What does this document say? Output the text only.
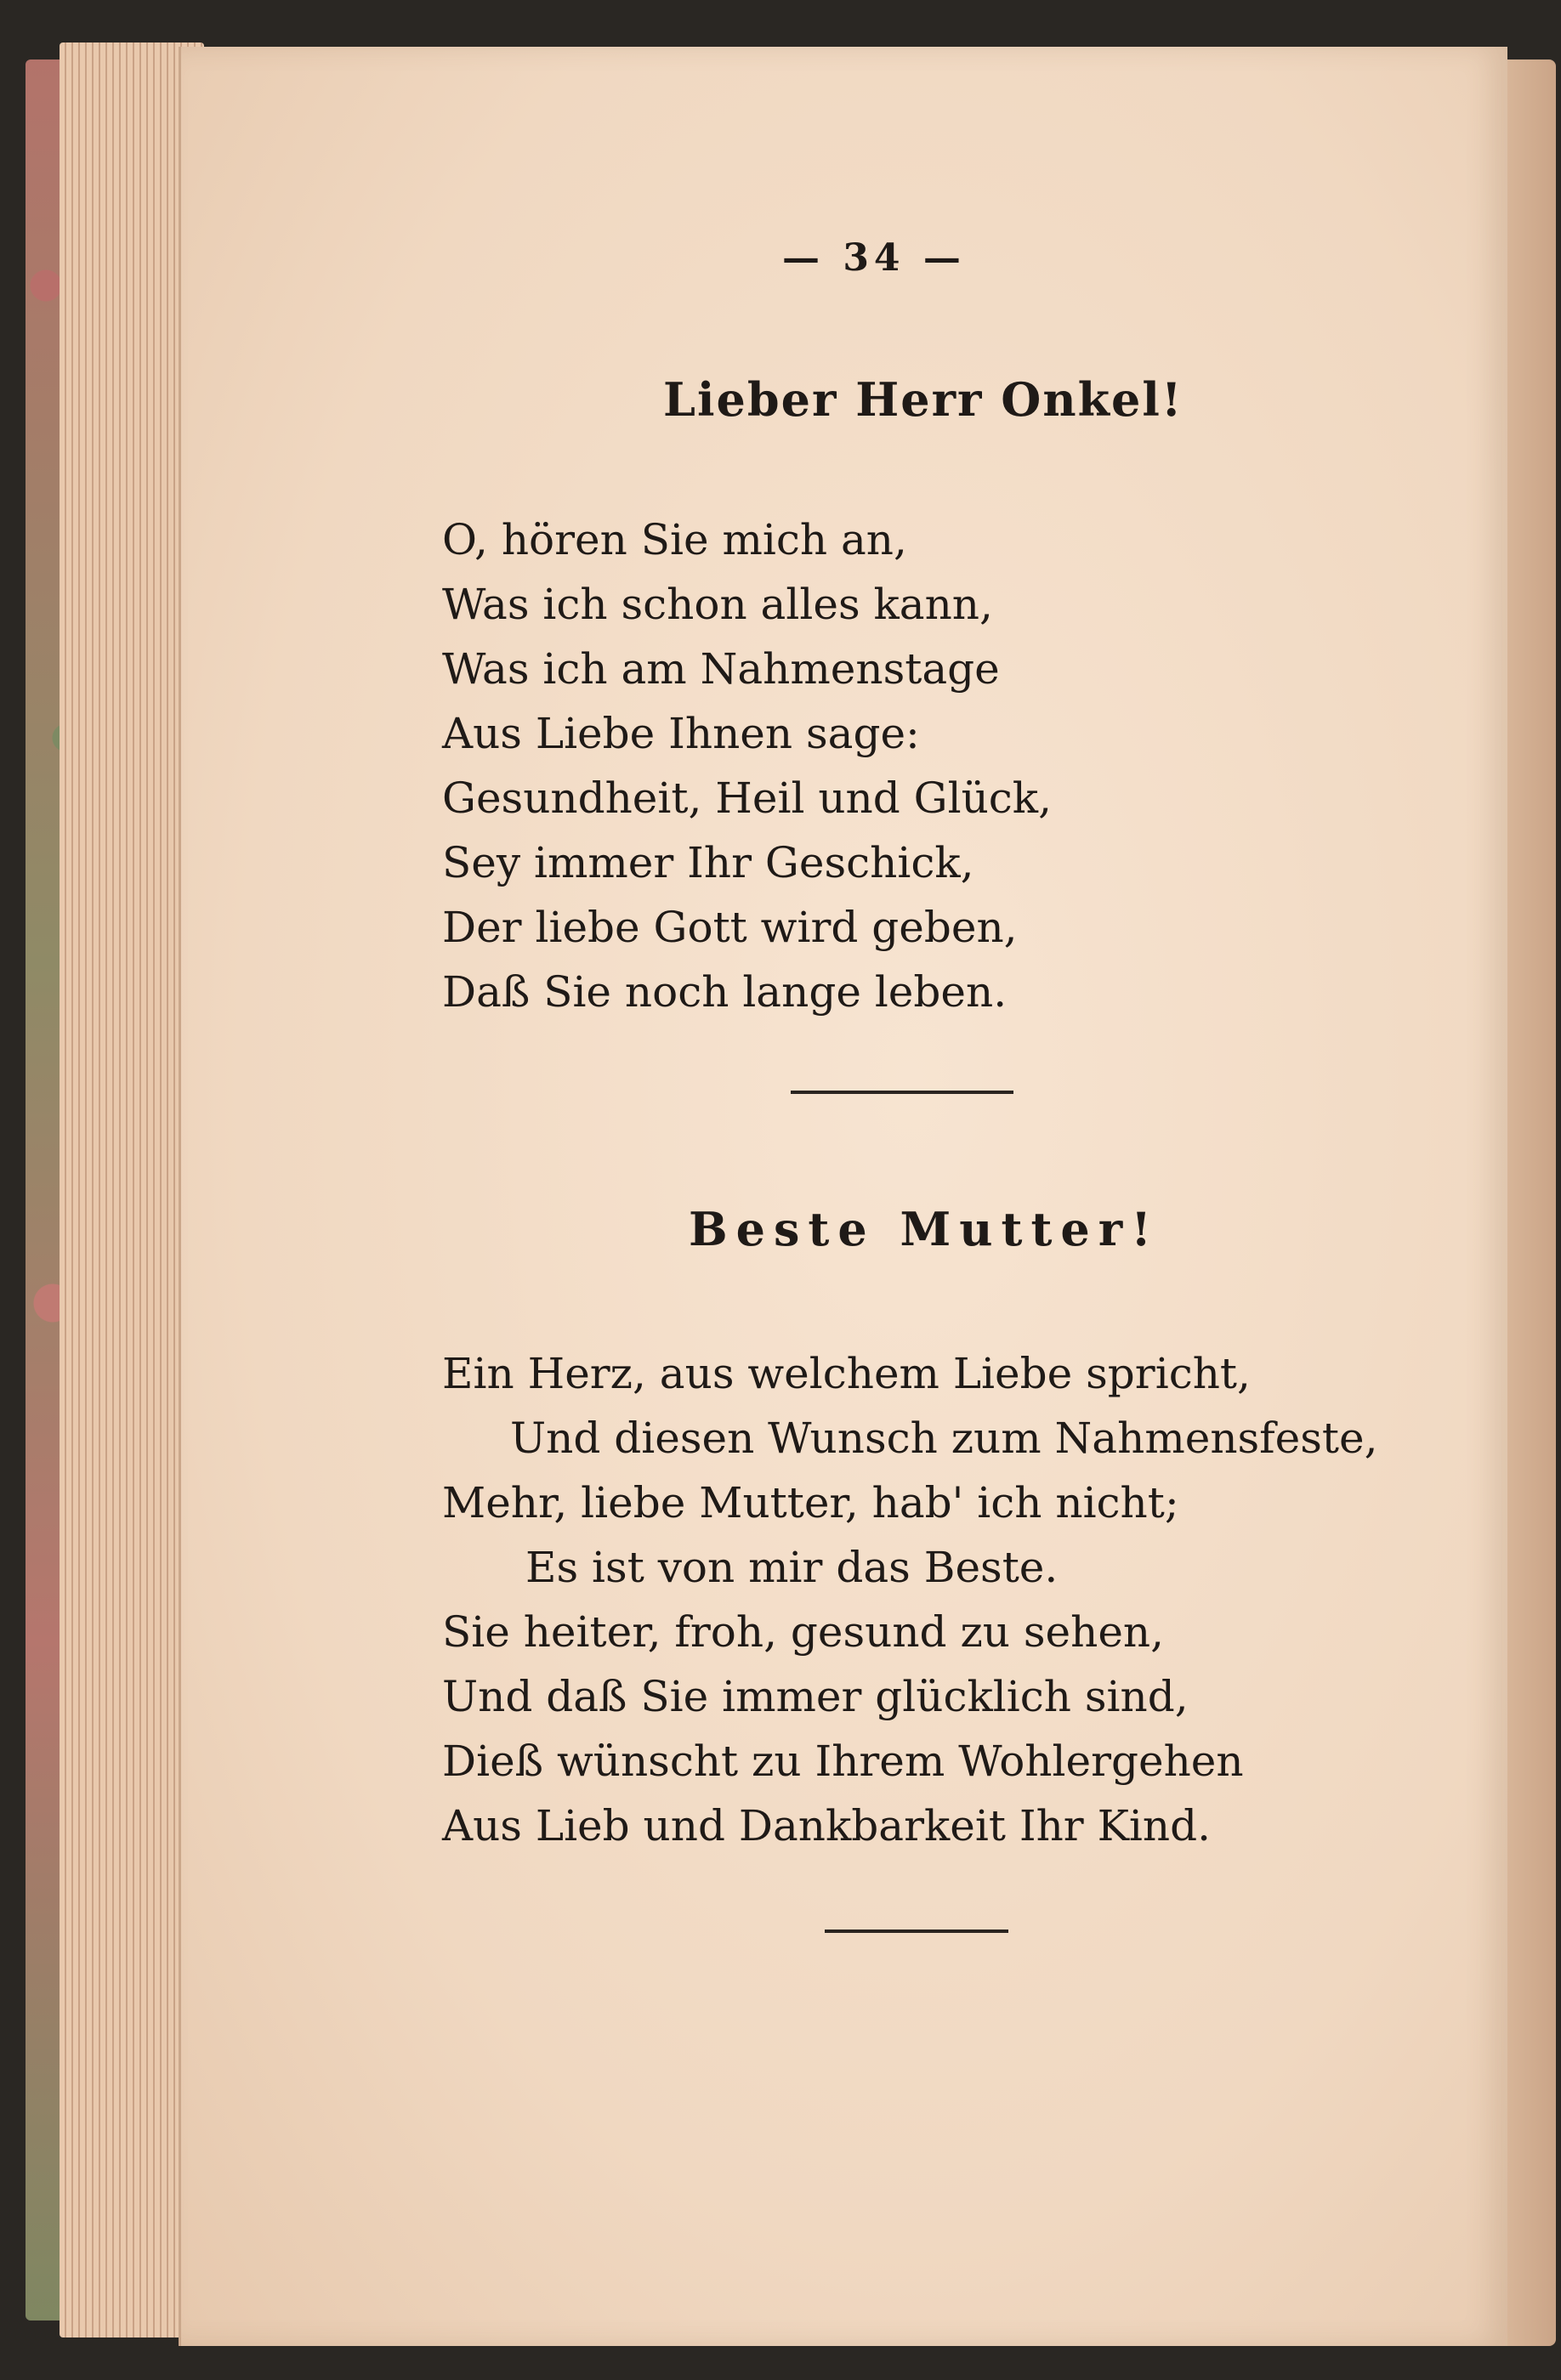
— 34 —
Lieber Herr Onkel!
O, hören Sie mich an,
Was ich schon alles kann,
Was ich am Nahmenstage
Aus Liebe Ihnen sage:
Gesundheit, Heil und Glück,
Sey immer Ihr Geschick,
Der liebe Gott wird geben,
Daß Sie noch lange leben.
Beste Mutter!
Ein Herz, aus welchem Liebe spricht,
Und diesen Wunsch zum Nahmensfeste,
Mehr, liebe Mutter, hab' ich nicht;
Es ist von mir das Beste.
Sie heiter, froh, gesund zu sehen,
Und daß Sie immer glücklich sind,
Dieß wünscht zu Ihrem Wohlergehen
Aus Lieb und Dankbarkeit Ihr Kind.
